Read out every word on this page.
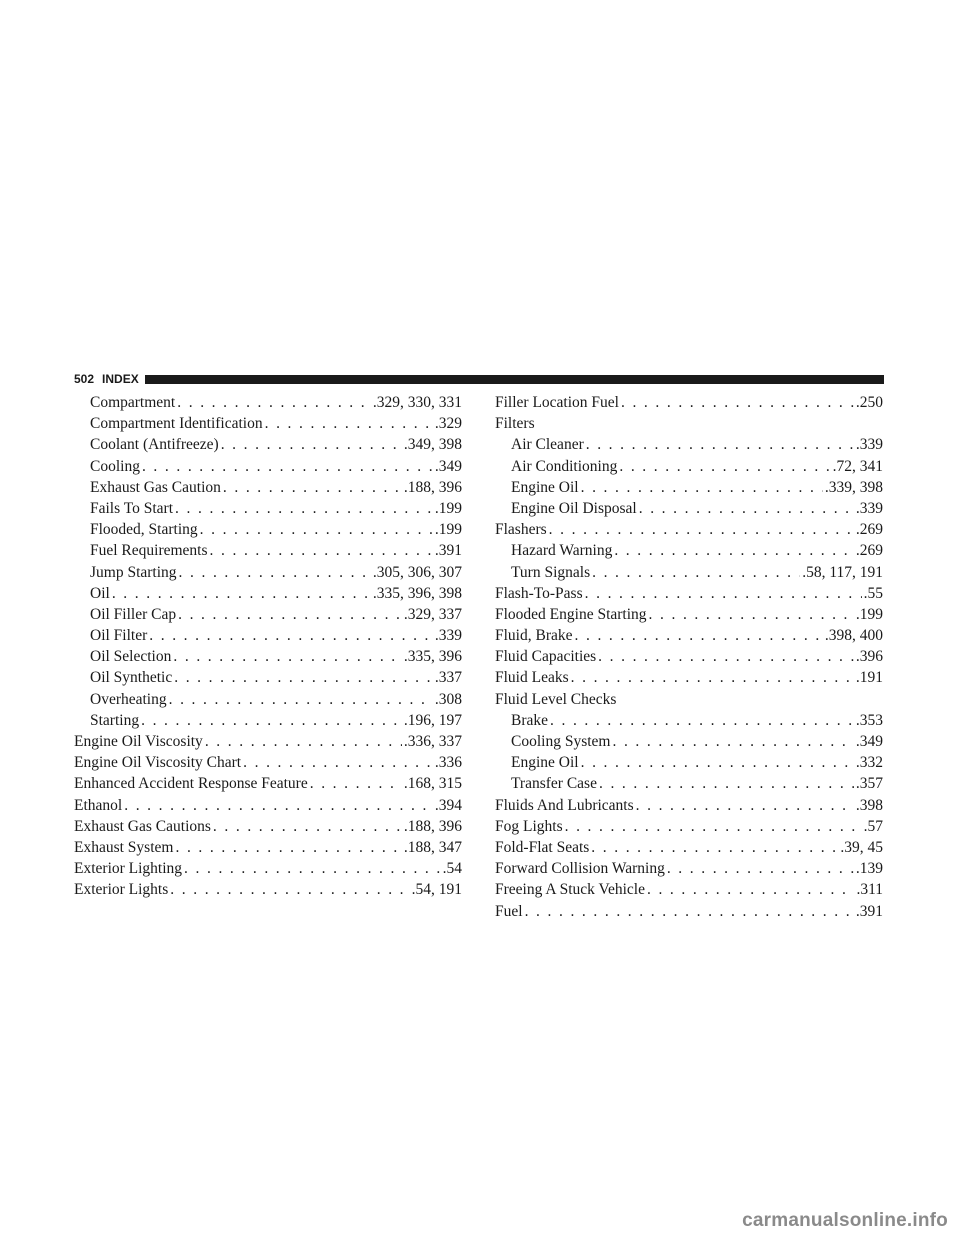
502 INDEX
Compartment . . .	.329, 330, 331
Compartment Identification . . .	.329
Coolant (Antifreeze) . . .	.349, 398
Cooling . . .	.349
Exhaust Gas Caution . . .	.188, 396
Fails To Start . . .	.199
Flooded, Starting . . .	.199
Fuel Requirements . . .	.391
Jump Starting . . .	.305, 306, 307
Oil . . .	.335, 396, 398
Oil Filler Cap . . .	.329, 337
Oil Filter . . .	.339
Oil Selection . . .	.335, 396
Oil Synthetic . . .	.337
Overheating . . .	.308
Starting . . .	.196, 197
Engine Oil Viscosity . . .	.336, 337
Engine Oil Viscosity Chart . . .	.336
Enhanced Accident Response Feature . . .	.168, 315
Ethanol . . .	.394
Exhaust Gas Cautions . . .	.188, 396
Exhaust System . . .	.188, 347
Exterior Lighting . . .	.54
Exterior Lights . . .	.54, 191
Filler Location Fuel . . .	.250
Filters
Air Cleaner . . .	.339
Air Conditioning . . .	.72, 341
Engine Oil . . .	.339, 398
Engine Oil Disposal . . .	.339
Flashers . . .	.269
Hazard Warning . . .	.269
Turn Signals . . .	.58, 117, 191
Flash-To-Pass . . .	.55
Flooded Engine Starting . . .	.199
Fluid, Brake . . .	.398, 400
Fluid Capacities . . .	.396
Fluid Leaks . . .	.191
Fluid Level Checks
Brake . . .	.353
Cooling System . . .	.349
Engine Oil . . .	.332
Transfer Case . . .	.357
Fluids And Lubricants . . .	.398
Fog Lights . . .	.57
Fold-Flat Seats . . .	.39, 45
Forward Collision Warning . . .	.139
Freeing A Stuck Vehicle . . .	.311
Fuel . . .	.391
carmanualsonline.info
